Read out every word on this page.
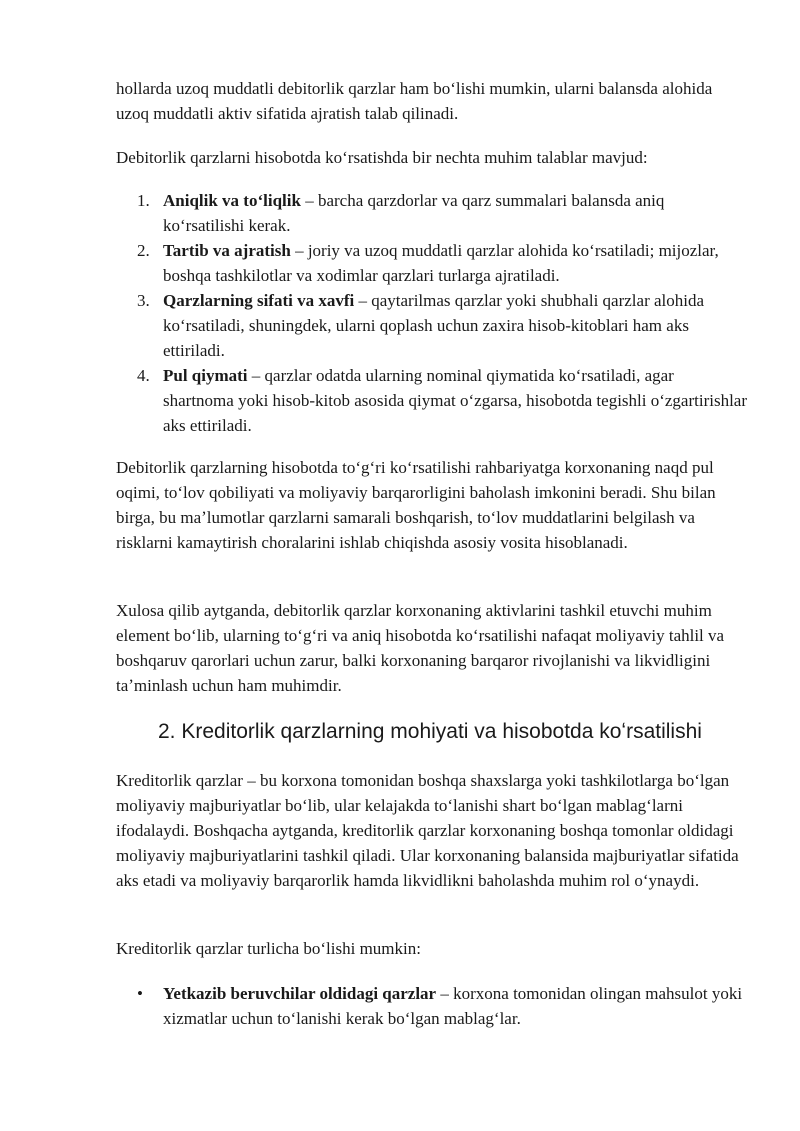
hollarda uzoq muddatli debitorlik qarzlar ham boʻlishi mumkin, ularni balansda alohida uzoq muddatli aktiv sifatida ajratish talab qilinadi.

Debitorlik qarzlarni hisobotda koʻrsatishda bir nechta muhim talablar mavjud:

1. Aniqlik va toʻliqlik – barcha qarzdorlar va qarz summalari balansda aniq koʻrsatilishi kerak.
2. Tartib va ajratish – joriy va uzoq muddatli qarzlar alohida koʻrsatiladi; mijozlar, boshqa tashkilotlar va xodimlar qarzlari turlarga ajratiladi.
3. Qarzlarning sifati va xavfi – qaytarilmas qarzlar yoki shubhali qarzlar alohida koʻrsatiladi, shuningdek, ularni qoplash uchun zaxira hisob-kitoblari ham aks ettiriladi.
4. Pul qiymati – qarzlar odatda ularning nominal qiymatida koʻrsatiladi, agar shartnoma yoki hisob-kitob asosida qiymat oʻzgarsa, hisobotda tegishli oʻzgartirishlar aks ettiriladi.

Debitorlik qarzlarning hisobotda toʻgʻri koʻrsatilishi rahbariyatga korxonaning naqd pul oqimi, toʻlov qobiliyati va moliyaviy barqarorligini baholash imkonini beradi. Shu bilan birga, bu maʼlumotlar qarzlarni samarali boshqarish, toʻlov muddatlarini belgilash va risklarni kamaytirish choralarini ishlab chiqishda asosiy vosita hisoblanadi.

Xulosa qilib aytganda, debitorlik qarzlar korxonaning aktivlarini tashkil etuvchi muhim element boʻlib, ularning toʻgʻri va aniq hisobotda koʻrsatilishi nafaqat moliyaviy tahlil va boshqaruv qarorlari uchun zarur, balki korxonaning barqaror rivojlanishi va likvidligini taʼminlash uchun ham muhimdir.

2. Kreditorlik qarzlarning mohiyati va hisobotda koʻrsatilishi

Kreditorlik qarzlar – bu korxona tomonidan boshqa shaxslarga yoki tashkilotlarga boʻlgan moliyaviy majburiyatlar boʻlib, ular kelajakda toʻlanishi shart boʻlgan mablagʻlarni ifodalaydi. Boshqacha aytganda, kreditorlik qarzlar korxonaning boshqa tomonlar oldidagi moliyaviy majburiyatlarini tashkil qiladi. Ular korxonaning balansida majburiyatlar sifatida aks etadi va moliyaviy barqarorlik hamda likvidlikni baholashda muhim rol oʻynaydi.

Kreditorlik qarzlar turlicha boʻlishi mumkin:

•	Yetkazib beruvchilar oldidagi qarzlar – korxona tomonidan olingan mahsulot yoki xizmatlar uchun toʻlanishi kerak boʻlgan mablagʻlar.
